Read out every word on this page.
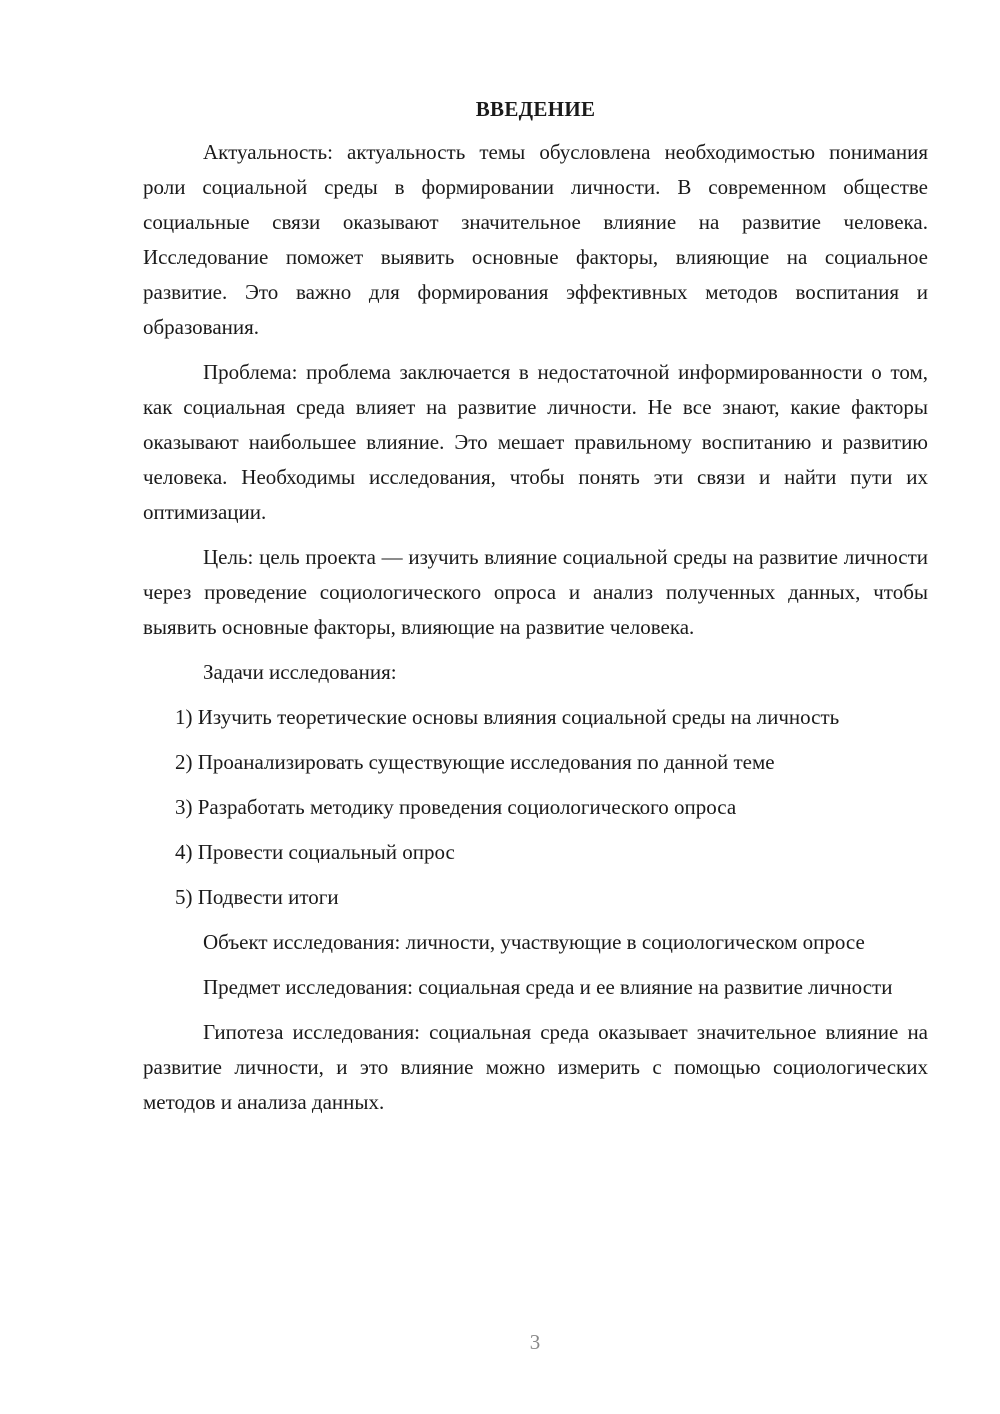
ВВЕДЕНИЕ

Актуальность: актуальность темы обусловлена необходимостью понимания роли социальной среды в формировании личности. В современном обществе социальные связи оказывают значительное влияние на развитие человека. Исследование поможет выявить основные факторы, влияющие на социальное развитие. Это важно для формирования эффективных методов воспитания и образования.

Проблема: проблема заключается в недостаточной информированности о том, как социальная среда влияет на развитие личности. Не все знают, какие факторы оказывают наибольшее влияние. Это мешает правильному воспитанию и развитию человека. Необходимы исследования, чтобы понять эти связи и найти пути их оптимизации.

Цель: цель проекта — изучить влияние социальной среды на развитие личности через проведение социологического опроса и анализ полученных данных, чтобы выявить основные факторы, влияющие на развитие человека.

Задачи исследования:

1) Изучить теоретические основы влияния социальной среды на личность

2) Проанализировать существующие исследования по данной теме

3) Разработать методику проведения социологического опроса

4) Провести социальный опрос

5) Подвести итоги

Объект исследования: личности, участвующие в социологическом опросе

Предмет исследования: социальная среда и ее влияние на развитие личности

Гипотеза исследования: социальная среда оказывает значительное влияние на развитие личности, и это влияние можно измерить с помощью социологических методов и анализа данных.

3
